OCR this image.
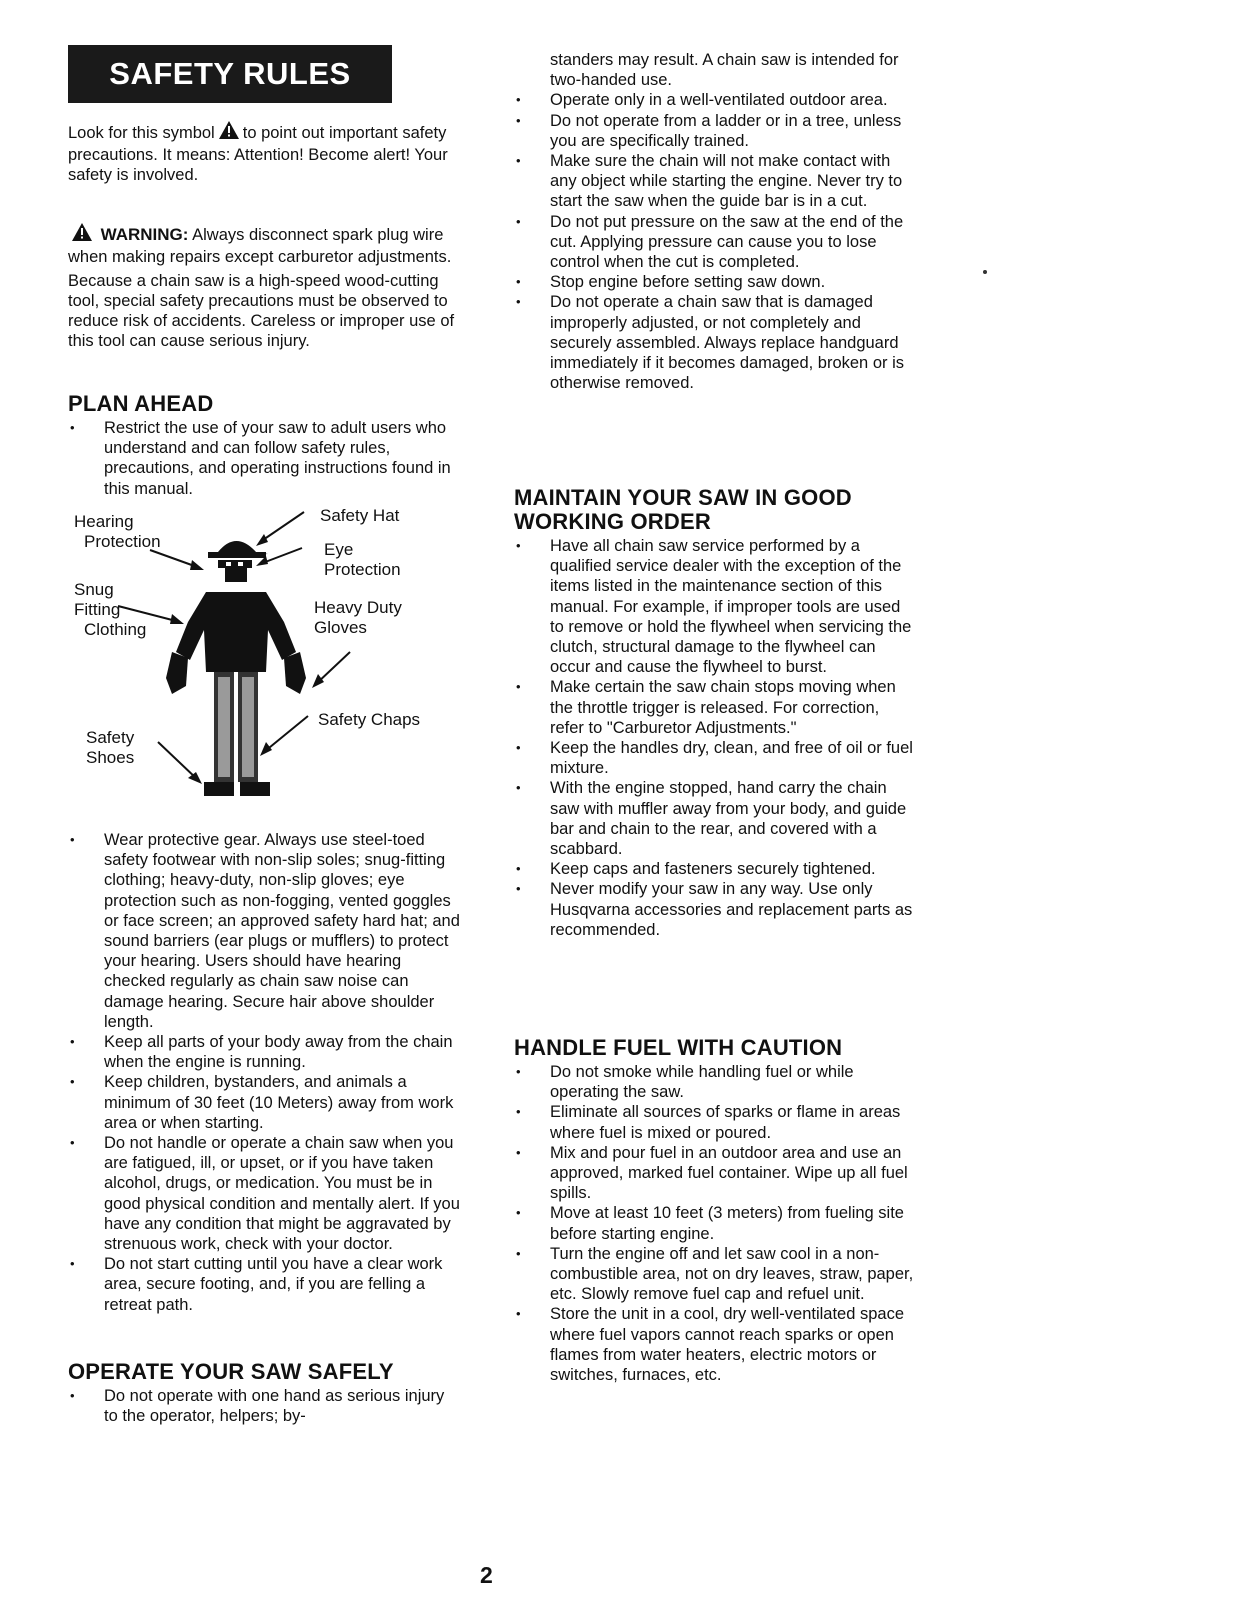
SAFETY RULES
Look for this symbol to point out important safety precautions. It means: Attention! Become alert! Your safety is involved.
WARNING: Always disconnect spark plug wire when making repairs except carburetor adjustments.
Because a chain saw is a high-speed wood-cutting tool, special safety precautions must be observed to reduce risk of accidents. Careless or improper use of this tool can cause serious injury.
PLAN AHEAD
• Restrict the use of your saw to adult users who understand and can follow safety rules, precautions, and operating instructions found in this manual.
Hearing
Protection
Safety Hat
Eye
Protection
Snug
Fitting
Clothing
Heavy Duty
Gloves
Safety Chaps
Safety
Shoes
• Wear protective gear. Always use steel-toed safety footwear with non-slip soles; snug-fitting clothing; heavy-duty, non-slip gloves; eye protection such as non-fogging, vented goggles or face screen; an approved safety hard hat; and sound barriers (ear plugs or mufflers) to protect your hearing. Users should have hearing checked regularly as chain saw noise can damage hearing. Secure hair above shoulder length.
• Keep all parts of your body away from the chain when the engine is running.
• Keep children, bystanders, and animals a minimum of 30 feet (10 Meters) away from work area or when starting.
• Do not handle or operate a chain saw when you are fatigued, ill, or upset, or if you have taken alcohol, drugs, or medication. You must be in good physical condition and mentally alert. If you have any condition that might be aggravated by strenuous work, check with your doctor.
• Do not start cutting until you have a clear work area, secure footing, and, if you are felling a retreat path.
OPERATE YOUR SAW SAFELY
• Do not operate with one hand as serious injury to the operator, helpers; by-
standers may result. A chain saw is intended for two-handed use.
• Operate only in a well-ventilated outdoor area.
• Do not operate from a ladder or in a tree, unless you are specifically trained.
• Make sure the chain will not make contact with any object while starting the engine. Never try to start the saw when the guide bar is in a cut.
• Do not put pressure on the saw at the end of the cut. Applying pressure can cause you to lose control when the cut is completed.
• Stop engine before setting saw down.
• Do not operate a chain saw that is damaged improperly adjusted, or not completely and securely assembled. Always replace handguard immediately if it becomes damaged, broken or is otherwise removed.
MAINTAIN YOUR SAW IN GOOD
WORKING ORDER
• Have all chain saw service performed by a qualified service dealer with the exception of the items listed in the maintenance section of this manual. For example, if improper tools are used to remove or hold the flywheel when servicing the clutch, structural damage to the flywheel can occur and cause the flywheel to burst.
• Make certain the saw chain stops moving when the throttle trigger is released. For correction, refer to "Carburetor Adjustments."
• Keep the handles dry, clean, and free of oil or fuel mixture.
• With the engine stopped, hand carry the chain saw with muffler away from your body, and guide bar and chain to the rear, and covered with a scabbard.
• Keep caps and fasteners securely tightened.
• Never modify your saw in any way. Use only Husqvarna accessories and replacement parts as recommended.
HANDLE FUEL WITH CAUTION
• Do not smoke while handling fuel or while operating the saw.
• Eliminate all sources of sparks or flame in areas where fuel is mixed or poured.
• Mix and pour fuel in an outdoor area and use an approved, marked fuel container. Wipe up all fuel spills.
• Move at least 10 feet (3 meters) from fueling site before starting engine.
• Turn the engine off and let saw cool in a non-combustible area, not on dry leaves, straw, paper, etc. Slowly remove fuel cap and refuel unit.
• Store the unit in a cool, dry well-ventilated space where fuel vapors cannot reach sparks or open flames from water heaters, electric motors or switches, furnaces, etc.
2
